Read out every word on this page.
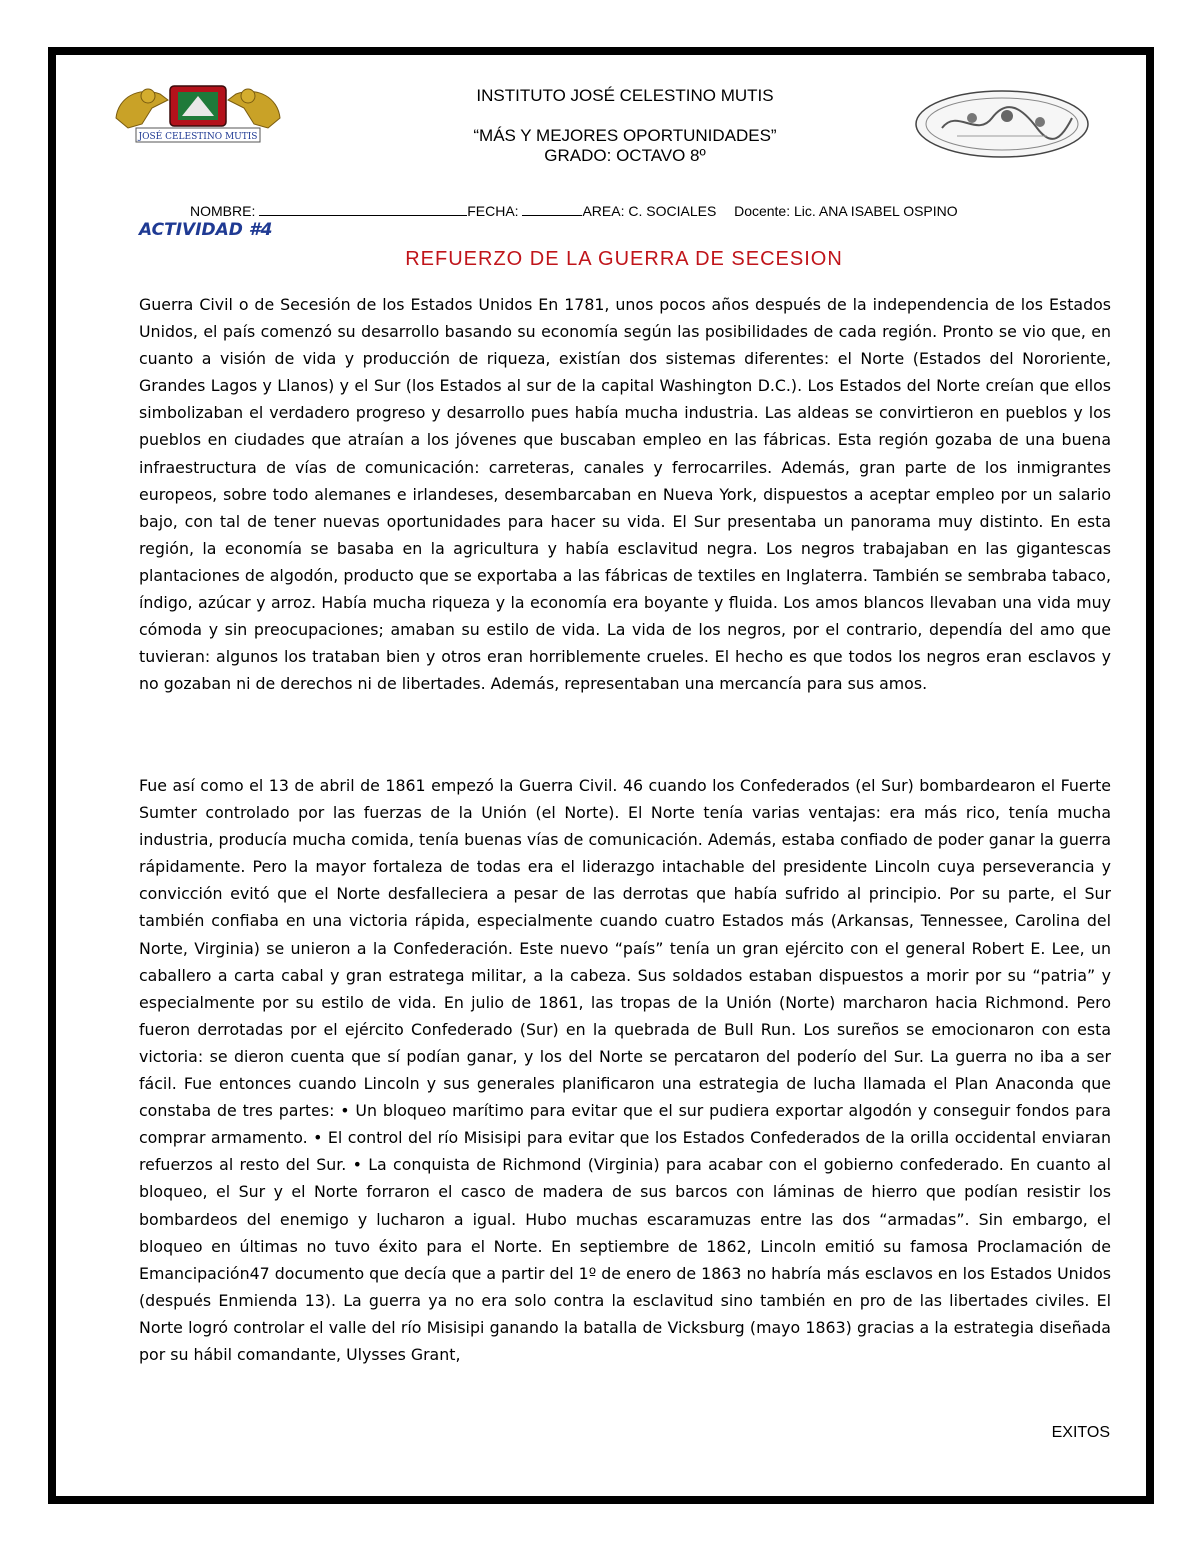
JOSÉ CELESTINO MUTIS
INSTITUTO JOSÉ CELESTINO MUTIS
“MÁS Y MEJORES OPORTUNIDADES”
GRADO: OCTAVO 8º
NOMBRE:	FECHA:	AREA: C. SOCIALES Docente: Lic. ANA ISABEL OSPINO
ACTIVIDAD #4
REFUERZO DE LA GUERRA DE SECESION

Guerra Civil o de Secesión de los Estados Unidos En 1781, unos pocos años después de la independencia de los Estados Unidos, el país comenzó su desarrollo basando su economía según las posibilidades de cada región. Pronto se vio que, en cuanto a visión de vida y producción de riqueza, existían dos sistemas diferentes: el Norte (Estados del Nororiente, Grandes Lagos y Llanos) y el Sur (los Estados al sur de la capital Washington D.C.). Los Estados del Norte creían que ellos simbolizaban el verdadero progreso y desarrollo pues había mucha industria. Las aldeas se convirtieron en pueblos y los pueblos en ciudades que atraían a los jóvenes que buscaban empleo en las fábricas. Esta región gozaba de una buena infraestructura de vías de comunicación: carreteras, canales y ferrocarriles. Además, gran parte de los inmigrantes europeos, sobre todo alemanes e irlandeses, desembarcaban en Nueva York, dispuestos a aceptar empleo por un salario bajo, con tal de tener nuevas oportunidades para hacer su vida. El Sur presentaba un panorama muy distinto. En esta región, la economía se basaba en la agricultura y había esclavitud negra. Los negros trabajaban en las gigantescas plantaciones de algodón, producto que se exportaba a las fábricas de textiles en Inglaterra. También se sembraba tabaco, índigo, azúcar y arroz. Había mucha riqueza y la economía era boyante y fluida. Los amos blancos llevaban una vida muy cómoda y sin preocupaciones; amaban su estilo de vida. La vida de los negros, por el contrario, dependía del amo que tuvieran: algunos los trataban bien y otros eran horriblemente crueles. El hecho es que todos los negros eran esclavos y no gozaban ni de derechos ni de libertades. Además, representaban una mercancía para sus amos.

Fue así como el 13 de abril de 1861 empezó la Guerra Civil. 46 cuando los Confederados (el Sur) bombardearon el Fuerte Sumter controlado por las fuerzas de la Unión (el Norte). El Norte tenía varias ventajas: era más rico, tenía mucha industria, producía mucha comida, tenía buenas vías de comunicación. Además, estaba confiado de poder ganar la guerra rápidamente. Pero la mayor fortaleza de todas era el liderazgo intachable del presidente Lincoln cuya perseverancia y convicción evitó que el Norte desfalleciera a pesar de las derrotas que había sufrido al principio. Por su parte, el Sur también confiaba en una victoria rápida, especialmente cuando cuatro Estados más (Arkansas, Tennessee, Carolina del Norte, Virginia) se unieron a la Confederación. Este nuevo “país” tenía un gran ejército con el general Robert E. Lee, un caballero a carta cabal y gran estratega militar, a la cabeza. Sus soldados estaban dispuestos a morir por su “patria” y especialmente por su estilo de vida. En julio de 1861, las tropas de la Unión (Norte) marcharon hacia Richmond. Pero fueron derrotadas por el ejército Confederado (Sur) en la quebrada de Bull Run. Los sureños se emocionaron con esta victoria: se dieron cuenta que sí podían ganar, y los del Norte se percataron del poderío del Sur. La guerra no iba a ser fácil. Fue entonces cuando Lincoln y sus generales planificaron una estrategia de lucha llamada el Plan Anaconda que constaba de tres partes: • Un bloqueo marítimo para evitar que el sur pudiera exportar algodón y conseguir fondos para comprar armamento. • El control del río Misisipi para evitar que los Estados Confederados de la orilla occidental enviaran refuerzos al resto del Sur. • La conquista de Richmond (Virginia) para acabar con el gobierno confederado. En cuanto al bloqueo, el Sur y el Norte forraron el casco de madera de sus barcos con láminas de hierro que podían resistir los bombardeos del enemigo y lucharon a igual. Hubo muchas escaramuzas entre las dos “armadas”. Sin embargo, el bloqueo en últimas no tuvo éxito para el Norte. En septiembre de 1862, Lincoln emitió su famosa Proclamación de Emancipación47 documento que decía que a partir del 1º de enero de 1863 no habría más esclavos en los Estados Unidos (después Enmienda 13). La guerra ya no era solo contra la esclavitud sino también en pro de las libertades civiles. El Norte logró controlar el valle del río Misisipi ganando la batalla de Vicksburg (mayo 1863) gracias a la estrategia diseñada por su hábil comandante, Ulysses Grant,

EXITOS
